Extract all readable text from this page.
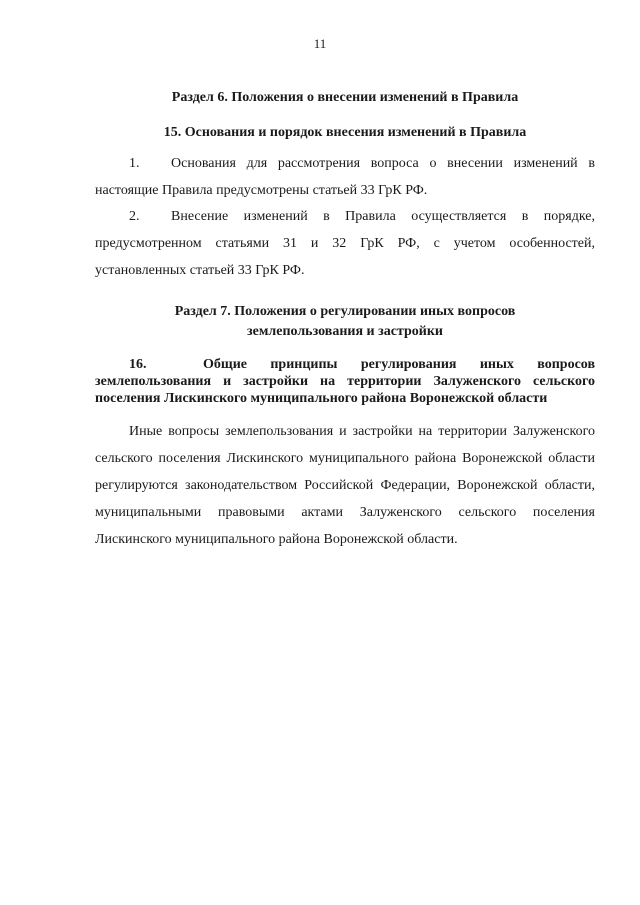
11
Раздел 6. Положения о внесении изменений в Правила
15. Основания и порядок внесения изменений в Правила
1. Основания для рассмотрения вопроса о внесении изменений в настоящие Правила предусмотрены статьей 33 ГрК РФ.
2. Внесение изменений в Правила осуществляется в порядке, предусмотренном статьями 31 и 32 ГрК РФ, с учетом особенностей, установленных статьей 33 ГрК РФ.
Раздел 7. Положения о регулировании иных вопросов
землепользования и застройки
16.	Общие принципы регулирования иных вопросов землепользования и застройки на территории Залуженского сельского поселения Лискинского муниципального района Воронежской области
Иные вопросы землепользования и застройки на территории Залуженского сельского поселения Лискинского муниципального района Воронежской области регулируются законодательством Российской Федерации, Воронежской области, муниципальными правовыми актами Залуженского сельского поселения Лискинского муниципального района Воронежской области.
